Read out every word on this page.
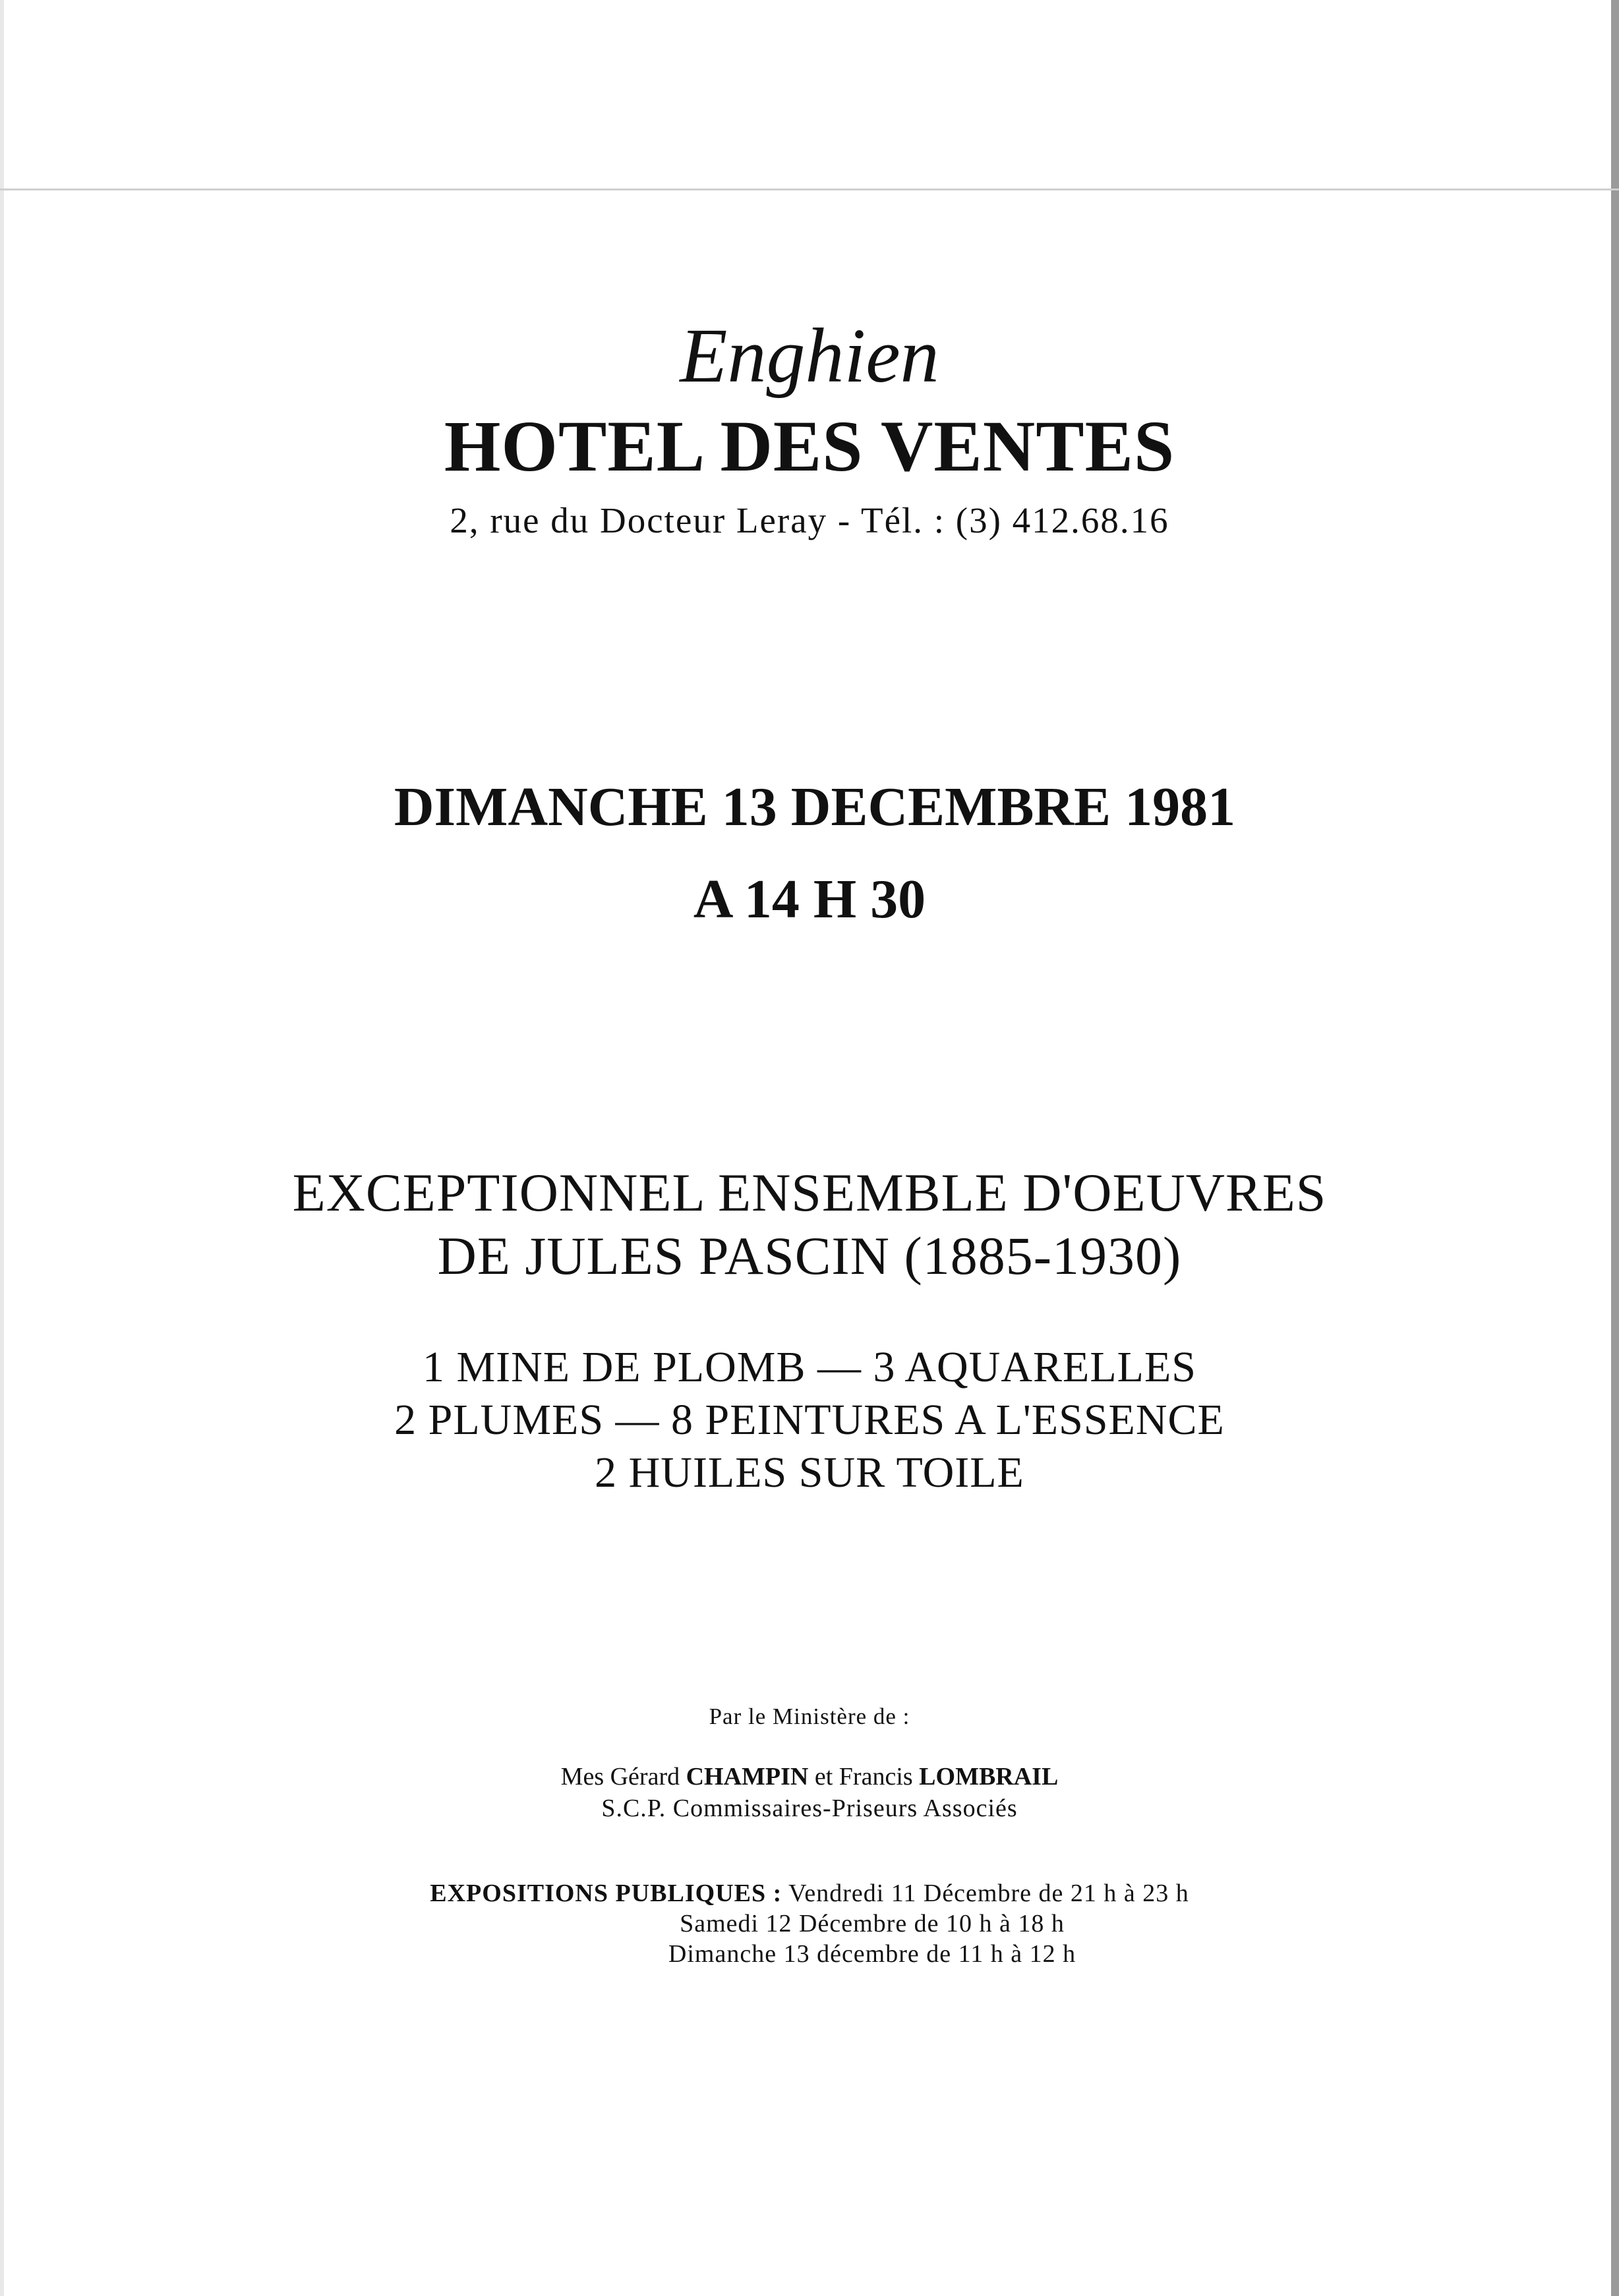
Enghien
HOTEL DES VENTES
2, rue du Docteur Leray - Tél. : (3) 412.68.16
DIMANCHE 13 DECEMBRE 1981
A 14 H 30
EXCEPTIONNEL ENSEMBLE D'OEUVRES
DE JULES PASCIN (1885-1930)
1 MINE DE PLOMB — 3 AQUARELLES
2 PLUMES — 8 PEINTURES A L'ESSENCE
2 HUILES SUR TOILE
Par le Ministère de :
Mes Gérard CHAMPIN et Francis LOMBRAIL
S.C.P. Commissaires-Priseurs Associés
EXPOSITIONS PUBLIQUES : Vendredi 11 Décembre de 21 h à 23 h
Samedi 12 Décembre de 10 h à 18 h
Dimanche 13 décembre de 11 h à 12 h
